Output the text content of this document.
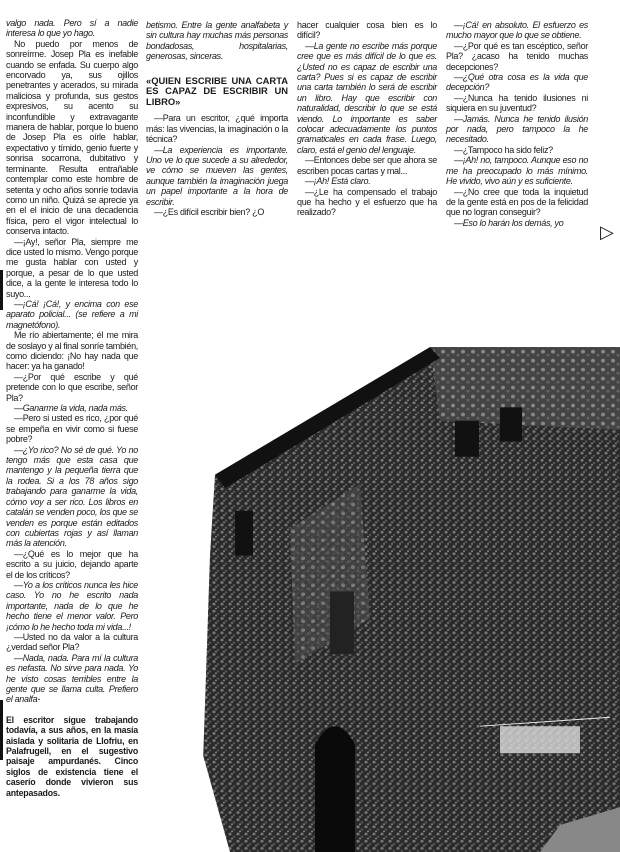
valgo nada. Pero sí a nadie interesa lo que yo hago.

No puedo por menos de sonreírme. Josep Pla es inefable cuando se enfada. Su cuerpo algo encorvado ya, sus ojillos penetrantes y acerados, su mirada maliciosa y profunda, sus gestos expresivos, su acento su inconfundible y extravagante manera de hablar, porque lo bueno de Josep Pla es oírle hablar, expectativo y tímido, genio fuerte y sonrisa socarrona, dubitativo y terminante. Resulta entrañable contemplar como este hombre de setenta y ocho años sonríe todavía como un niño. Quizá se aprecie ya en el el inicio de una decadencia física, pero el vigor intelectual lo conserva intacto.

—¡Ay!, señor Pla, siempre me dice usted lo mismo. Vengo porque me gusta hablar con usted y porque, a pesar de lo que usted dice, a la gente le interesa todo lo suyo...

—¡Cá! ¡Cá!, y encima con ese aparato policial... (se refiere a mi magnetófono).

Me río abiertamente; él me mira de soslayo y al final sonríe también, como diciendo: ¡No hay nada que hacer: ya ha ganado!

—¿Por qué escribe y qué pretende con lo que escribe, señor Pla?

—Ganarme la vida, nada más.

—Pero si usted es rico, ¿por qué se empeña en vivir como si fuese pobre?

—¿Yo rico? No sé de qué. Yo no tengo más que esta casa que mantengo y la pequeña tierra que la rodea. Si a los 78 años sigo trabajando para ganarme la vida, cómo voy a ser rico. Los libros en catalán se venden poco, los que se venden es porque están editados con cubiertas rojas y así llaman más la atención.

—¿Qué es lo mejor que ha escrito a su juicio, dejando aparte el de los críticos?

—Yo a los críticos nunca les hice caso. Yo no he escrito nada importante, nada de lo que he hecho tiene el menor valor. Pero ¡cómo lo he hecho toda mi vida...!

—Usted no da valor a la cultura ¿verdad señor Pla?

—Nada, nada. Para mí la cultura es nefasta. No sirve para nada. Yo he visto cosas terribles entre la gente que se llama culta. Prefiero el analfa-

El escritor sigue trabajando todavía, a sus años, en la masía aislada y solitaria de Llofriu, en Palafrugell, en el sugestivo paisaje ampurdanés. Cinco siglos de existencia tiene el caserío donde vivieron sus antepasados.

betismo. Entre la gente analfabeta y sin cultura hay muchas más personas bondadosas, hospitalarias, generosas, sinceras.

«QUIEN ESCRIBE UNA CARTA ES CAPAZ DE ESCRIBIR UN LIBRO»

—Para un escritor, ¿qué importa más: las vivencias, la imaginación o la técnica?

—La experiencia es importante. Uno ve lo que sucede a su alrededor, ve cómo se mueven las gentes, aunque también la imaginación juega un papel importante a la hora de escribir.

—¿Es difícil escribir bien? ¿O

hacer cualquier cosa bien es lo difícil?

—La gente no escribe más porque cree que es más difícil de lo que es. ¿Usted no es capaz de escribir una carta? Pues si es capaz de escribir una carta también lo será de escribir un libro. Hay que escribir con naturalidad, describir lo que se está viendo. Lo importante es saber colocar adecuadamente los puntos gramaticales en cada frase. Luego, claro, está el genio del lenguaje.

—Entonces debe ser que ahora se escriben pocas cartas y mal...

—¡Ah! Está claro.

—¿Le ha compensado el trabajo que ha hecho y el esfuerzo que ha realizado?

—¡Cá! en absoluto. El esfuerzo es mucho mayor que lo que se obtiene.

—¿Por qué es tan escéptico, señor Pla? ¿acaso ha tenido muchas decepciones?

—¿Qué otra cosa es la vida que decepción?

—¿Nunca ha tenido ilusiones ni siquiera en su juventud?

—Jamás. Nunca he tenido ilusión por nada, pero tampoco la he necesitado.

—¿Tampoco ha sido feliz?

—¡Ah! no, tampoco. Aunque eso no me ha preocupado lo más mínimo. He vivido, vivo aún y es suficiente.

—¿No cree que toda la inquietud de la gente está en pos de la felicidad que no logran conseguir?

—Eso lo harán los demás, yo	▷
